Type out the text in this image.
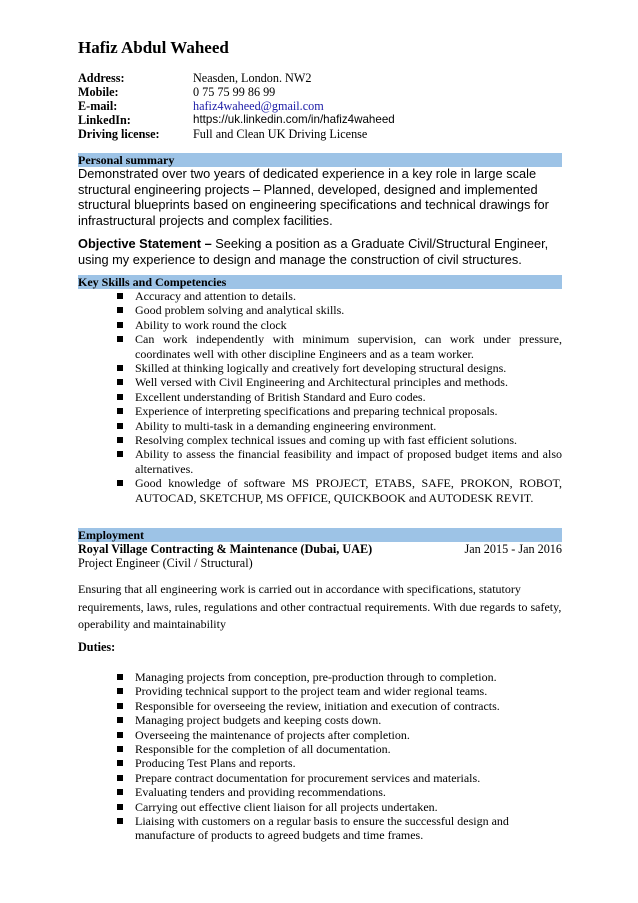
Hafiz Abdul Waheed
Address:	Neasden, London. NW2
Mobile:	0 75 75 99 86 99
E-mail:	hafiz4waheed@gmail.com
LinkedIn:	https://uk.linkedin.com/in/hafiz4waheed
Driving license:	Full and Clean UK Driving License
Personal summary
Demonstrated over two years of dedicated experience in a key role in large scale structural engineering projects – Planned, developed, designed and implemented structural blueprints based on engineering specifications and technical drawings for infrastructural projects and complex facilities.
Objective Statement – Seeking a position as a Graduate Civil/Structural Engineer, using my experience to design and manage the construction of civil structures.
Key Skills and Competencies
Accuracy and attention to details.
Good problem solving and analytical skills.
Ability to work round the clock
Can work independently with minimum supervision, can work under pressure, coordinates well with other discipline Engineers and as a team worker.
Skilled at thinking logically and creatively fort developing structural designs.
Well versed with Civil Engineering and Architectural principles and methods.
Excellent understanding of British Standard and Euro codes.
Experience of interpreting specifications and preparing technical proposals.
Ability to multi-task in a demanding engineering environment.
Resolving complex technical issues and coming up with fast efficient solutions.
Ability to assess the financial feasibility and impact of proposed budget items and also alternatives.
Good knowledge of software MS PROJECT, ETABS, SAFE, PROKON, ROBOT, AUTOCAD, SKETCHUP, MS OFFICE, QUICKBOOK and AUTODESK REVIT.
Employment
Royal Village Contracting & Maintenance (Dubai, UAE)	Jan 2015 - Jan 2016
Project Engineer (Civil / Structural)
Ensuring that all engineering work is carried out in accordance with specifications, statutory requirements, laws, rules, regulations and other contractual requirements. With due regards to safety, operability and maintainability
Duties:
Managing projects from conception, pre-production through to completion.
Providing technical support to the project team and wider regional teams.
Responsible for overseeing the review, initiation and execution of contracts.
Managing project budgets and keeping costs down.
Overseeing the maintenance of projects after completion.
Responsible for the completion of all documentation.
Producing Test Plans and reports.
Prepare contract documentation for procurement services and materials.
Evaluating tenders and providing recommendations.
Carrying out effective client liaison for all projects undertaken.
Liaising with customers on a regular basis to ensure the successful design and manufacture of products to agreed budgets and time frames.
